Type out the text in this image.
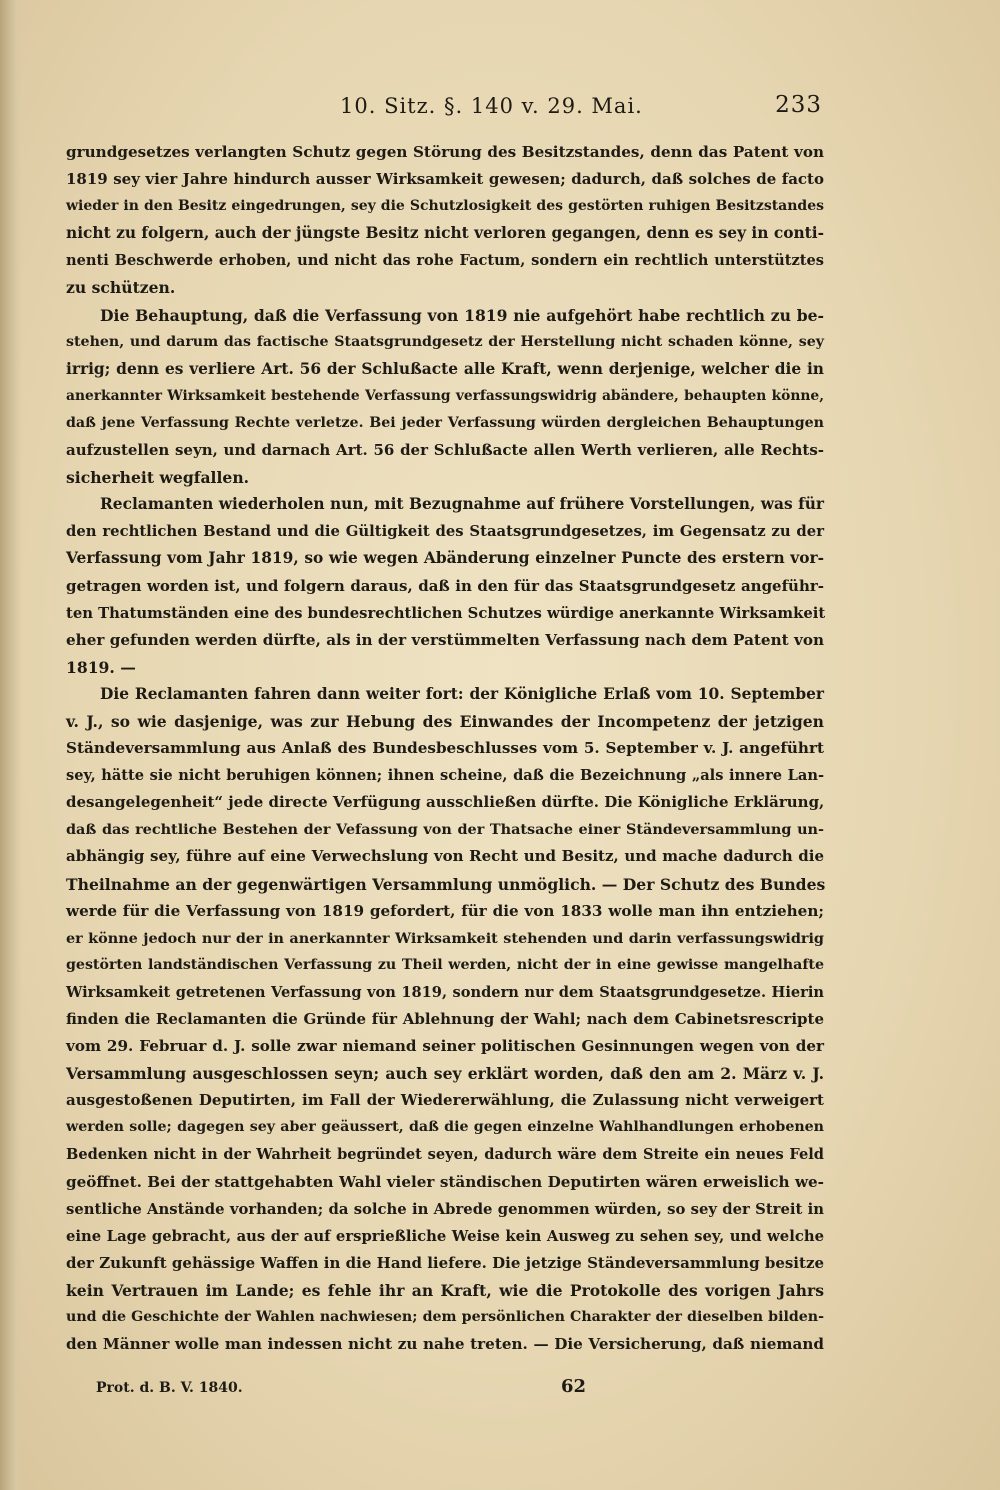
10. Sitz. §. 140 v. 29. Mai.	233
grundgesetzes verlangten Schutz gegen Störung des Besitzstandes, denn das Patent von
1819 sey vier Jahre hindurch ausser Wirksamkeit gewesen; dadurch, daß solches de facto
wieder in den Besitz eingedrungen, sey die Schutzlosigkeit des gestörten ruhigen Besitzstandes
nicht zu folgern, auch der jüngste Besitz nicht verloren gegangen, denn es sey in conti-
nenti Beschwerde erhoben, und nicht das rohe Factum, sondern ein rechtlich unterstütztes
zu schützen.
Die Behauptung, daß die Verfassung von 1819 nie aufgehört habe rechtlich zu be-
stehen, und darum das factische Staatsgrundgesetz der Herstellung nicht schaden könne, sey
irrig; denn es verliere Art. 56 der Schlußacte alle Kraft, wenn derjenige, welcher die in
anerkannter Wirksamkeit bestehende Verfassung verfassungswidrig abändere, behaupten könne,
daß jene Verfassung Rechte verletze. Bei jeder Verfassung würden dergleichen Behauptungen
aufzustellen seyn, und darnach Art. 56 der Schlußacte allen Werth verlieren, alle Rechts-
sicherheit wegfallen.
Reclamanten wiederholen nun, mit Bezugnahme auf frühere Vorstellungen, was für
den rechtlichen Bestand und die Gültigkeit des Staatsgrundgesetzes, im Gegensatz zu der
Verfassung vom Jahr 1819, so wie wegen Abänderung einzelner Puncte des erstern vor-
getragen worden ist, und folgern daraus, daß in den für das Staatsgrundgesetz angeführ-
ten Thatumständen eine des bundesrechtlichen Schutzes würdige anerkannte Wirksamkeit
eher gefunden werden dürfte, als in der verstümmelten Verfassung nach dem Patent von
1819. —
Die Reclamanten fahren dann weiter fort: der Königliche Erlaß vom 10. September
v. J., so wie dasjenige, was zur Hebung des Einwandes der Incompetenz der jetzigen
Ständeversammlung aus Anlaß des Bundesbeschlusses vom 5. September v. J. angeführt
sey, hätte sie nicht beruhigen können; ihnen scheine, daß die Bezeichnung „als innere Lan-
desangelegenheit“ jede directe Verfügung ausschließen dürfte. Die Königliche Erklärung,
daß das rechtliche Bestehen der Vefassung von der Thatsache einer Ständeversammlung un-
abhängig sey, führe auf eine Verwechslung von Recht und Besitz, und mache dadurch die
Theilnahme an der gegenwärtigen Versammlung unmöglich. — Der Schutz des Bundes
werde für die Verfassung von 1819 gefordert, für die von 1833 wolle man ihn entziehen;
er könne jedoch nur der in anerkannter Wirksamkeit stehenden und darin verfassungswidrig
gestörten landständischen Verfassung zu Theil werden, nicht der in eine gewisse mangelhafte
Wirksamkeit getretenen Verfassung von 1819, sondern nur dem Staatsgrundgesetze. Hierin
finden die Reclamanten die Gründe für Ablehnung der Wahl; nach dem Cabinetsrescripte
vom 29. Februar d. J. solle zwar niemand seiner politischen Gesinnungen wegen von der
Versammlung ausgeschlossen seyn; auch sey erklärt worden, daß den am 2. März v. J.
ausgestoßenen Deputirten, im Fall der Wiedererwählung, die Zulassung nicht verweigert
werden solle; dagegen sey aber geäussert, daß die gegen einzelne Wahlhandlungen erhobenen
Bedenken nicht in der Wahrheit begründet seyen, dadurch wäre dem Streite ein neues Feld
geöffnet. Bei der stattgehabten Wahl vieler ständischen Deputirten wären erweislich we-
sentliche Anstände vorhanden; da solche in Abrede genommen würden, so sey der Streit in
eine Lage gebracht, aus der auf ersprießliche Weise kein Ausweg zu sehen sey, und welche
der Zukunft gehässige Waffen in die Hand liefere. Die jetzige Ständeversammlung besitze
kein Vertrauen im Lande; es fehle ihr an Kraft, wie die Protokolle des vorigen Jahrs
und die Geschichte der Wahlen nachwiesen; dem persönlichen Charakter der dieselben bilden-
den Männer wolle man indessen nicht zu nahe treten. — Die Versicherung, daß niemand
Prot. d. B. V. 1840.	62
